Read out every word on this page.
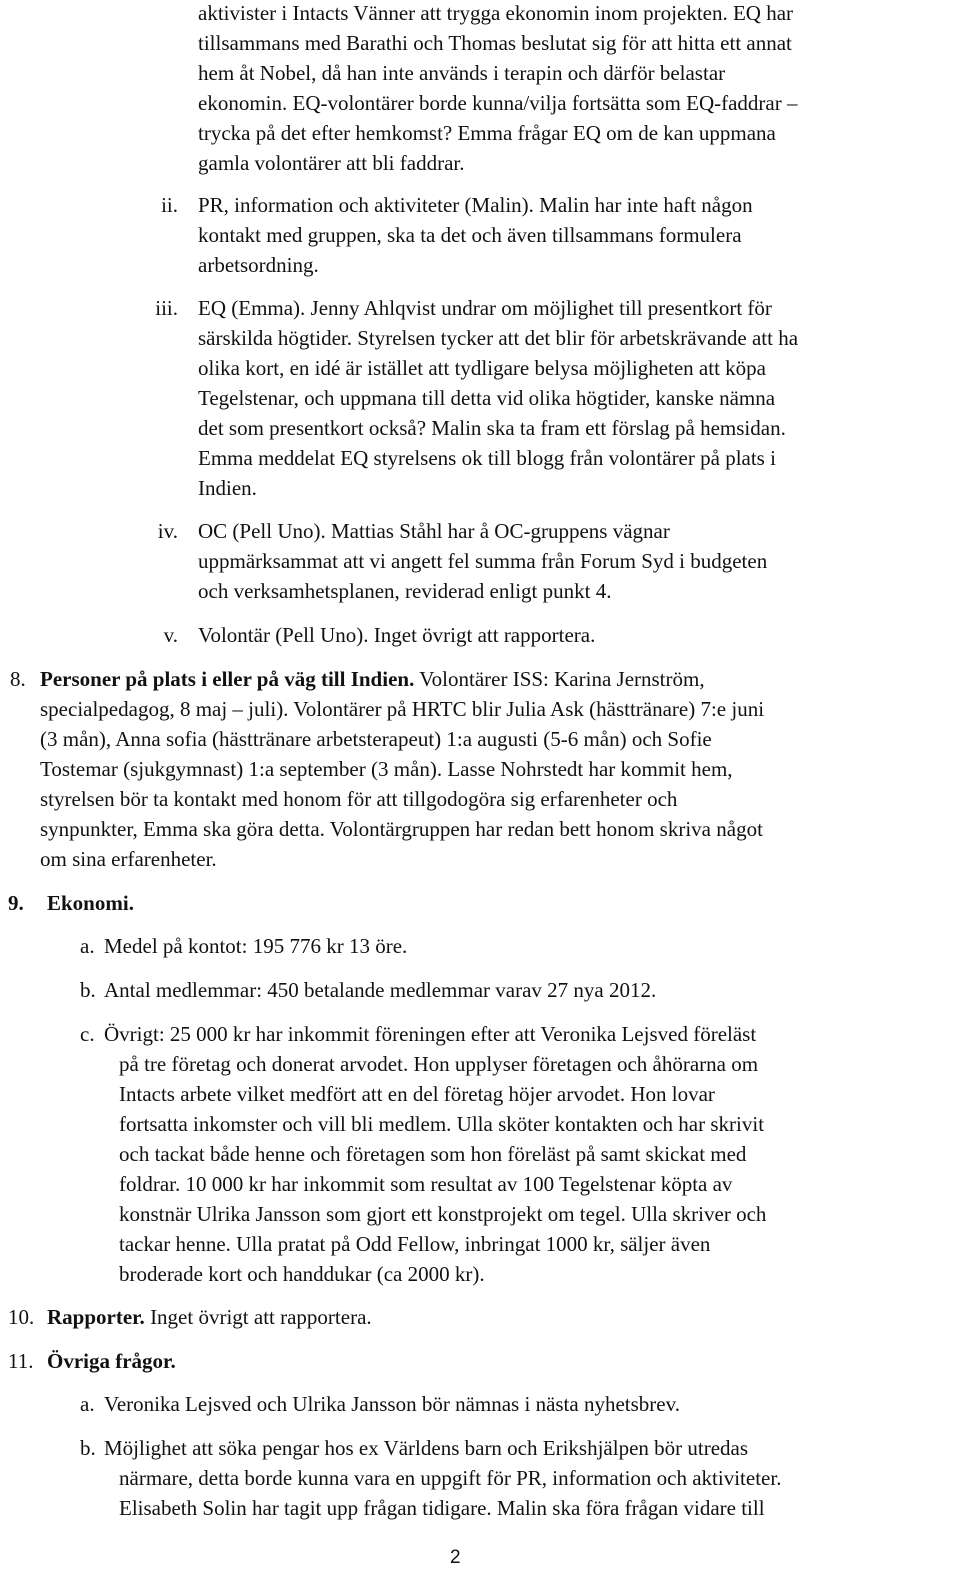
aktivister i Intacts Vänner att trygga ekonomin inom projekten. EQ har
tillsammans med Barathi och Thomas beslutat sig för att hitta ett annat
hem åt Nobel, då han inte används i terapin och därför belastar
ekonomin. EQ-volontärer borde kunna/vilja fortsätta som EQ-faddrar –
trycka på det efter hemkomst? Emma frågar EQ om de kan uppmana
gamla volontärer att bli faddrar.
ii. PR, information och aktiviteter (Malin). Malin har inte haft någon
kontakt med gruppen, ska ta det och även tillsammans formulera
arbetsordning.
iii. EQ (Emma). Jenny Ahlqvist undrar om möjlighet till presentkort för
särskilda högtider. Styrelsen tycker att det blir för arbetskrävande att ha
olika kort, en idé är istället att tydligare belysa möjligheten att köpa
Tegelstenar, och uppmana till detta vid olika högtider, kanske nämna
det som presentkort också? Malin ska ta fram ett förslag på hemsidan.
Emma meddelat EQ styrelsens ok till blogg från volontärer på plats i
Indien.
iv. OC (Pell Uno). Mattias Ståhl har å OC-gruppens vägnar
uppmärksammat att vi angett fel summa från Forum Syd i budgeten
och verksamhetsplanen, reviderad enligt punkt 4.
v. Volontär (Pell Uno). Inget övrigt att rapportera.
8. Personer på plats i eller på väg till Indien. Volontärer ISS: Karina Jernström,
specialpedagog, 8 maj – juli). Volontärer på HRTC blir Julia Ask (hästtränare) 7:e juni
(3 mån), Anna sofia (hästtränare arbetsterapeut) 1:a augusti (5-6 mån) och Sofie
Tostemar (sjukgymnast) 1:a september (3 mån). Lasse Nohrstedt har kommit hem,
styrelsen bör ta kontakt med honom för att tillgodogöra sig erfarenheter och
synpunkter, Emma ska göra detta. Volontärgruppen har redan bett honom skriva något
om sina erfarenheter.
9. Ekonomi.
a. Medel på kontot: 195 776 kr 13 öre.
b. Antal medlemmar: 450 betalande medlemmar varav 27 nya 2012.
c. Övrigt: 25 000 kr har inkommit föreningen efter att Veronika Lejsved föreläst
på tre företag och donerat arvodet. Hon upplyser företagen och åhörarna om
Intacts arbete vilket medfört att en del företag höjer arvodet. Hon lovar
fortsatta inkomster och vill bli medlem. Ulla sköter kontakten och har skrivit
och tackat både henne och företagen som hon föreläst på samt skickat med
foldrar. 10 000 kr har inkommit som resultat av 100 Tegelstenar köpta av
konstnär Ulrika Jansson som gjort ett konstprojekt om tegel. Ulla skriver och
tackar henne. Ulla pratat på Odd Fellow, inbringat 1000 kr, säljer även
broderade kort och handdukar (ca 2000 kr).
10. Rapporter. Inget övrigt att rapportera.
11. Övriga frågor.
a. Veronika Lejsved och Ulrika Jansson bör nämnas i nästa nyhetsbrev.
b. Möjlighet att söka pengar hos ex Världens barn och Erikshjälpen bör utredas
närmare, detta borde kunna vara en uppgift för PR, information och aktiviteter.
Elisabeth Solin har tagit upp frågan tidigare. Malin ska föra frågan vidare till
2
